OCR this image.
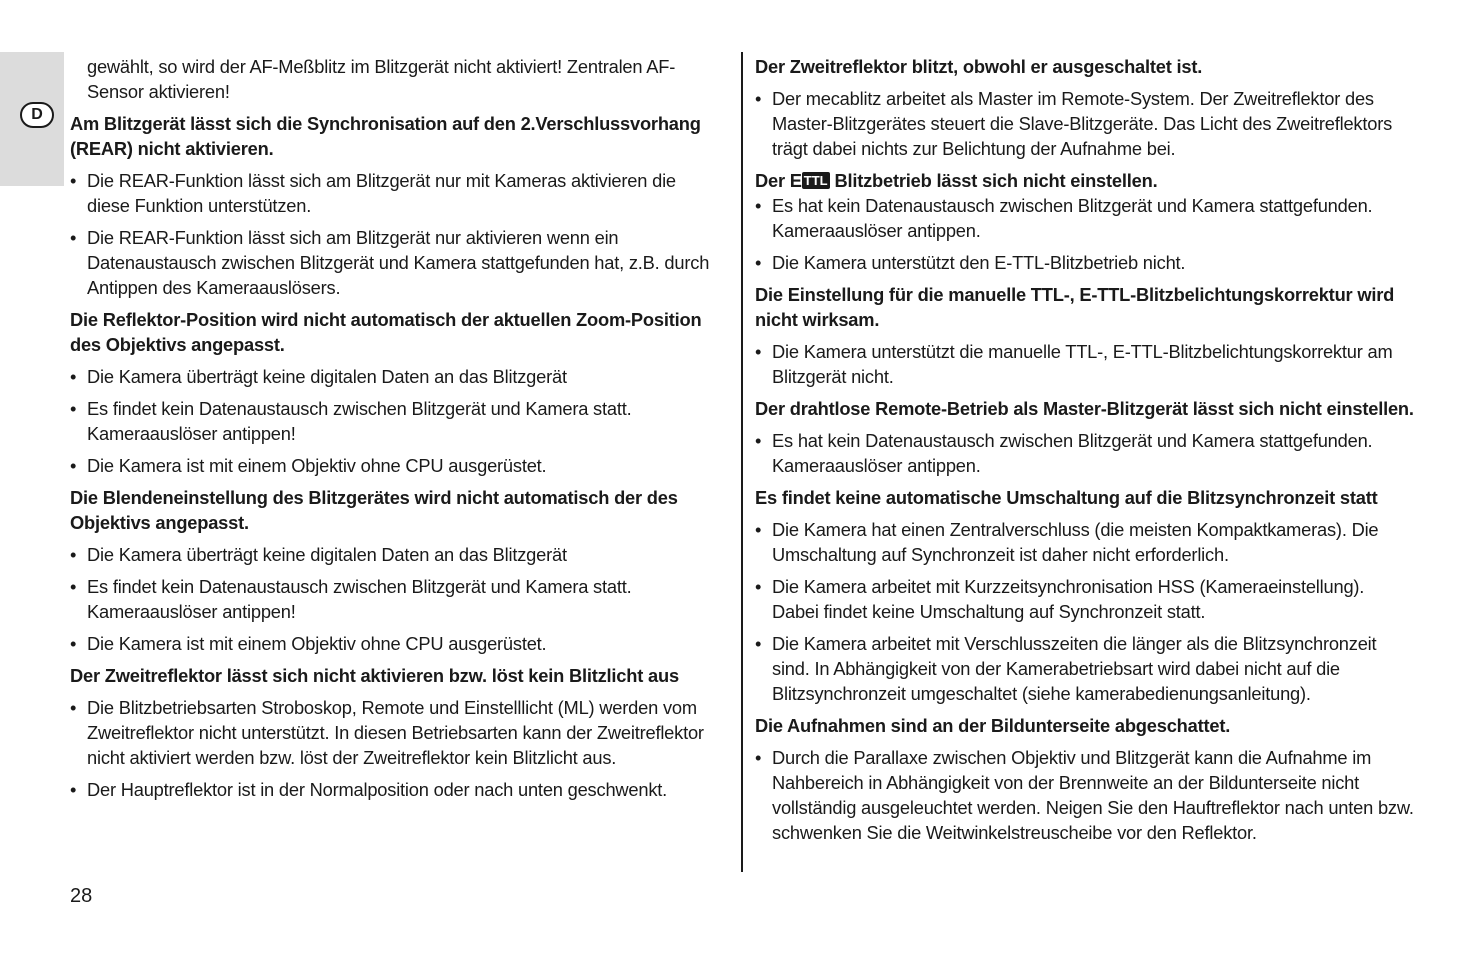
D

gewählt, so wird der AF-Meßblitz im Blitzgerät nicht aktiviert! Zentralen AF-Sensor aktivieren!

Am Blitzgerät lässt sich die Synchronisation auf den 2.Verschlussvorhang (REAR) nicht aktivieren.
• Die REAR-Funktion lässt sich am Blitzgerät nur mit Kameras aktivieren die diese Funktion unterstützen.
• Die REAR-Funktion lässt sich am Blitzgerät nur aktivieren wenn ein Datenaustausch zwischen Blitzgerät und Kamera stattgefunden hat, z.B. durch Antippen des Kameraauslösers.
Die Reflektor-Position wird nicht automatisch der aktuellen Zoom-Position des Objektivs angepasst.
• Die Kamera überträgt keine digitalen Daten an das Blitzgerät
• Es findet kein Datenaustausch zwischen Blitzgerät und Kamera statt. Kameraauslöser antippen!
• Die Kamera ist mit einem Objektiv ohne CPU ausgerüstet.
Die Blendeneinstellung des Blitzgerätes wird nicht automatisch der des Objektivs angepasst.
• Die Kamera überträgt keine digitalen Daten an das Blitzgerät
• Es findet kein Datenaustausch zwischen Blitzgerät und Kamera statt. Kameraauslöser antippen!
• Die Kamera ist mit einem Objektiv ohne CPU ausgerüstet.
Der Zweitreflektor lässt sich nicht aktivieren bzw. löst kein Blitzlicht aus
• Die Blitzbetriebsarten Stroboskop, Remote und Einstelllicht (ML) werden vom Zweitreflektor nicht unterstützt. In diesen Betriebsarten kann der Zweitreflektor nicht aktiviert werden bzw. löst der Zweitreflektor kein Blitzlicht aus.
• Der Hauptreflektor ist in der Normalposition oder nach unten geschwenkt.
Der Zweitreflektor blitzt, obwohl er ausgeschaltet ist.
• Der mecablitz arbeitet als Master im Remote-System. Der Zweitreflektor des Master-Blitzgerätes steuert die Slave-Blitzgeräte. Das Licht des Zweitreflektors trägt dabei nichts zur Belichtung der Aufnahme bei.
Der E TTL Blitzbetrieb lässt sich nicht einstellen.
• Es hat kein Datenaustausch zwischen Blitzgerät und Kamera stattgefunden. Kameraauslöser antippen.
• Die Kamera unterstützt den E-TTL-Blitzbetrieb nicht.
Die Einstellung für die manuelle TTL-, E-TTL-Blitzbelichtungskorrektur wird nicht wirksam.
• Die Kamera unterstützt die manuelle TTL-, E-TTL-Blitzbelichtungskorrektur am Blitzgerät nicht.
Der drahtlose Remote-Betrieb als Master-Blitzgerät lässt sich nicht einstellen.
• Es hat kein Datenaustausch zwischen Blitzgerät und Kamera stattgefunden. Kameraauslöser antippen.
Es findet keine automatische Umschaltung auf die Blitzsynchronzeit statt
• Die Kamera hat einen Zentralverschluss (die meisten Kompaktkameras). Die Umschaltung auf Synchronzeit ist daher nicht erforderlich.
• Die Kamera arbeitet mit Kurzzeitsynchronisation HSS (Kameraeinstellung). Dabei findet keine Umschaltung auf Synchronzeit statt.
• Die Kamera arbeitet mit Verschlusszeiten die länger als die Blitzsynchronzeit sind. In Abhängigkeit von der Kamerabetriebsart wird dabei nicht auf die Blitzsynchronzeit umgeschaltet (siehe kamerabedienungsanleitung).
Die Aufnahmen sind an der Bildunterseite abgeschattet.
• Durch die Parallaxe zwischen Objektiv und Blitzgerät kann die Aufnahme im Nahbereich in Abhängigkeit von der Brennweite an der Bildunterseite nicht vollständig ausgeleuchtet werden. Neigen Sie den Hauftreflektor nach unten bzw. schwenken Sie die Weitwinkelstreuscheibe vor den Reflektor.
28
